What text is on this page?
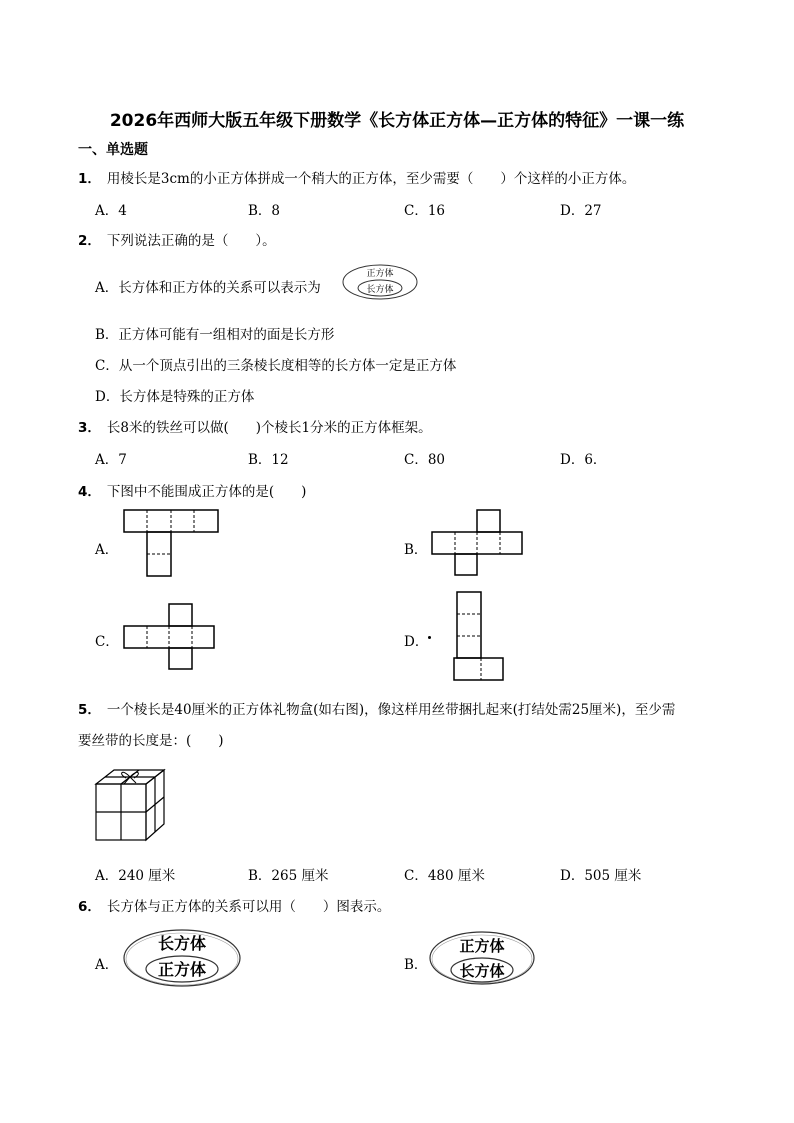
2026年西师大版五年级下册数学《长方体正方体—正方体的特征》一课一练
一、单选题
1． 用棱长是3cm的小正方体拼成一个稍大的正方体，至少需要（　　）个这样的小正方体。
A．4	B．8	C．16	D．27
2． 下列说法正确的是（　　）。
A．长方体和正方体的关系可以表示为
正方体
长方体
B．正方体可能有一组相对的面是长方形
C．从一个顶点引出的三条棱长度相等的长方体一定是正方体
D．长方体是特殊的正方体
3． 长8米的铁丝可以做(　　)个棱长1分米的正方体框架。
A．7	B．12	C．80	D．6．
4． 下图中不能围成正方体的是(　　)
A．	B．
C．	D．
5． 一个棱长是40厘米的正方体礼物盒(如右图)，像这样用丝带捆扎起来(打结处需25厘米)，至少需
要丝带的长度是：(　　)
A．240 厘米	B．265 厘米	C．480 厘米	D．505 厘米
6． 长方体与正方体的关系可以用（　　）图表示。
A．
长方体
正方体	B．
正方体
长方体
